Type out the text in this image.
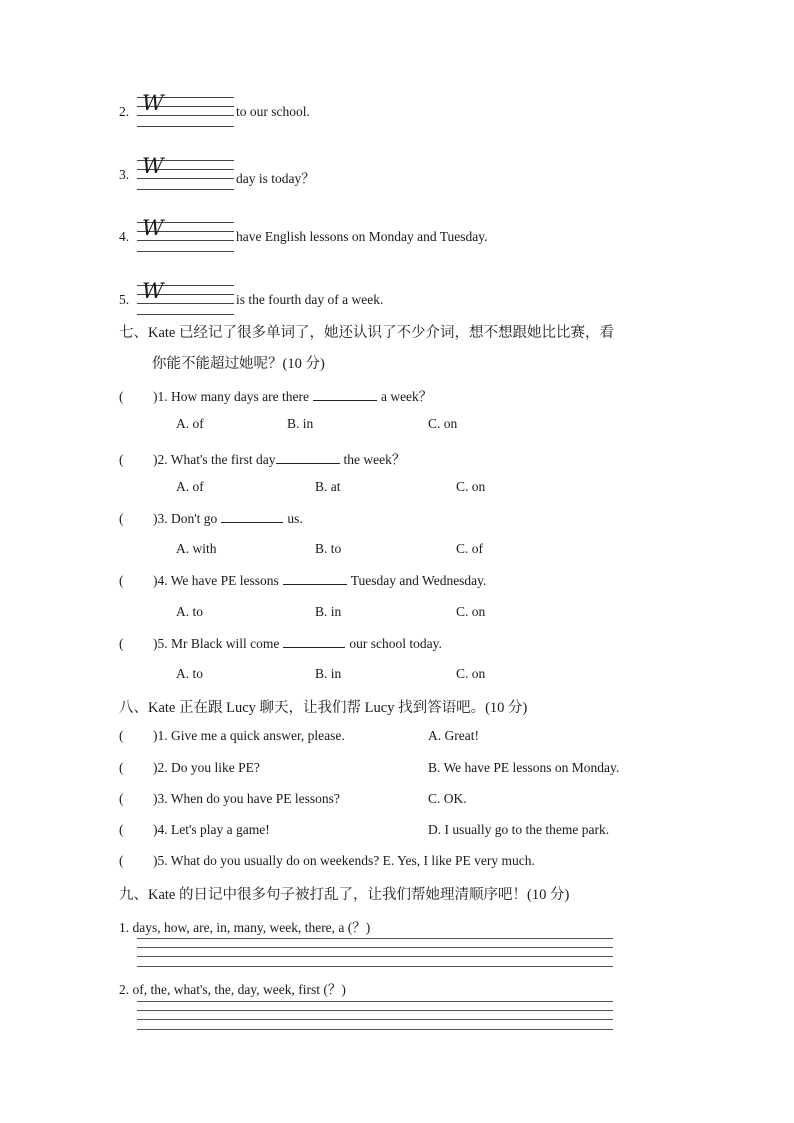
2. W	to our school.
3. W
day is today？
4. W	have English lessons on Monday and Tuesday.
5. W	is the fourth day of a week.
七、Kate 已经记了很多单词了，她还认识了不少介词，想不想跟她比比赛，看
你能不能超过她呢？(10 分)
( )1. How many days are there	a week？
A. of	B. in	C. on
( )2. What's the first day	the week？
A. of	B. at	C. on
( )3. Don't go	us.
A. with	B. to	C. of
( )4. We have PE lessons	Tuesday and Wednesday.
A. to	B. in	C. on
( )5. Mr Black will come	our school today.
A. to	B. in	C. on
八、Kate 正在跟 Lucy 聊天，让我们帮 Lucy 找到答语吧。(10 分)
( )1. Give me a quick answer, please.	A. Great!
( )2. Do you like PE?	B. We have PE lessons on Monday.
( )3. When do you have PE lessons?	C. OK.
( )4. Let's play a game!	D. I usually go to the theme park.
( )5. What do you usually do on weekends? E. Yes, I like PE very much.
九、Kate 的日记中很多句子被打乱了，让我们帮她理清顺序吧！(10 分)
1. days, how, are, in, many, week, there, a (？)
2. of, the, what's, the, day, week, first (？)
